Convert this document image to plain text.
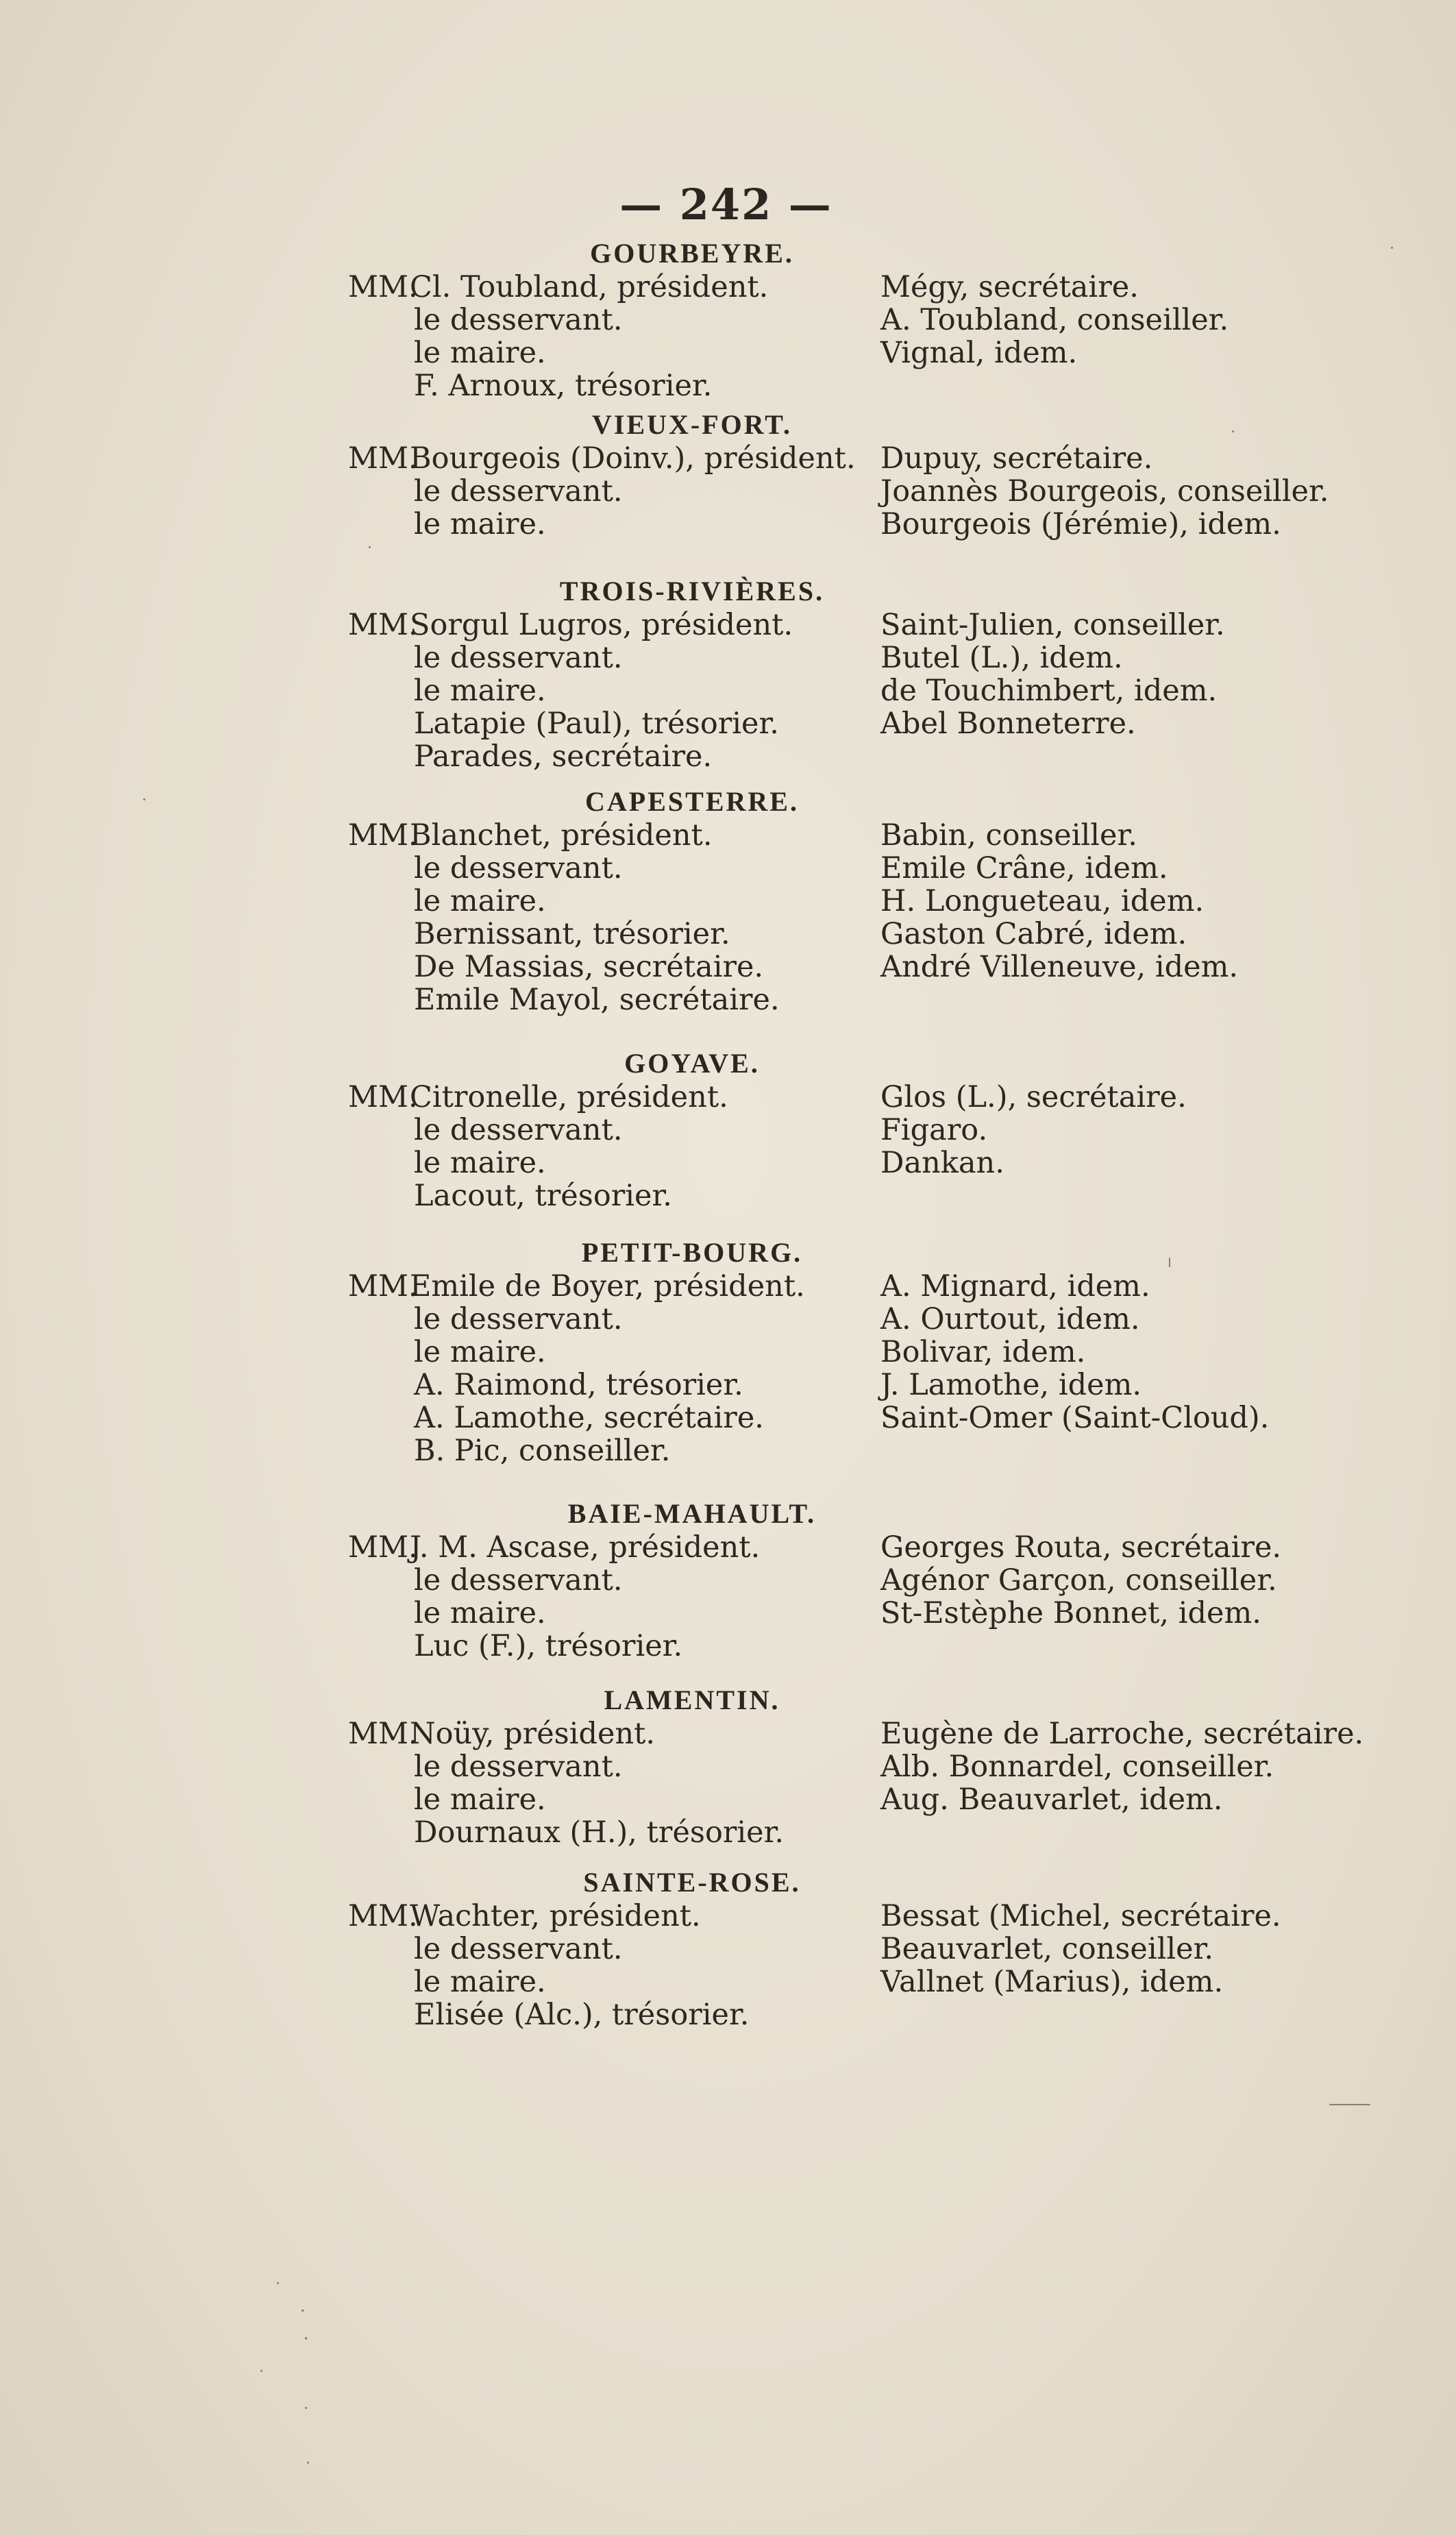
— 242 —
GOURBEYRE.
MM.Cl. Toubland, président.
le desservant.
le maire.
F. Arnoux, trésorier.
Mégy, secrétaire.
A. Toubland, conseiller.
Vignal, idem.
VIEUX-FORT.
MM.Bourgeois (Doinv.), président.
le desservant.
le maire.
Dupuy, secrétaire.
Joannès Bourgeois, conseiller.
Bourgeois (Jérémie), idem.
TROIS-RIVIÈRES.
MM.Sorgul Lugros, président.
le desservant.
le maire.
Latapie (Paul), trésorier.
Parades, secrétaire.
Saint-Julien, conseiller.
Butel (L.), idem.
de Touchimbert, idem.
Abel Bonneterre.
CAPESTERRE.
MM.Blanchet, président.
le desservant.
le maire.
Bernissant, trésorier.
De Massias, secrétaire.
Emile Mayol, secrétaire.
Babin, conseiller.
Emile Crâne, idem.
H. Longueteau, idem.
Gaston Cabré, idem.
André Villeneuve, idem.
GOYAVE.
MM.Citronelle, président.
le desservant.
le maire.
Lacout, trésorier.
Glos (L.), secrétaire.
Figaro.
Dankan.
PETIT-BOURG.
MM.Emile de Boyer, président.
le desservant.
le maire.
A. Raimond, trésorier.
A. Lamothe, secrétaire.
B. Pic, conseiller.
A. Mignard, idem.
A. Ourtout, idem.
Bolivar, idem.
J. Lamothe, idem.
Saint-Omer (Saint-Cloud).
BAIE-MAHAULT.
MM.J. M. Ascase, président.
le desservant.
le maire.
Luc (F.), trésorier.
Georges Routa, secrétaire.
Agénor Garçon, conseiller.
St-Estèphe Bonnet, idem.
LAMENTIN.
MM.Noüy, président.
le desservant.
le maire.
Dournaux (H.), trésorier.
Eugène de Larroche, secrétaire.
Alb. Bonnardel, conseiller.
Aug. Beauvarlet, idem.
SAINTE-ROSE.
MM.Wachter, président.
le desservant.
le maire.
Elisée (Alc.), trésorier.
Bessat (Michel, secrétaire.
Beauvarlet, conseiller.
Vallnet (Marius), idem.
